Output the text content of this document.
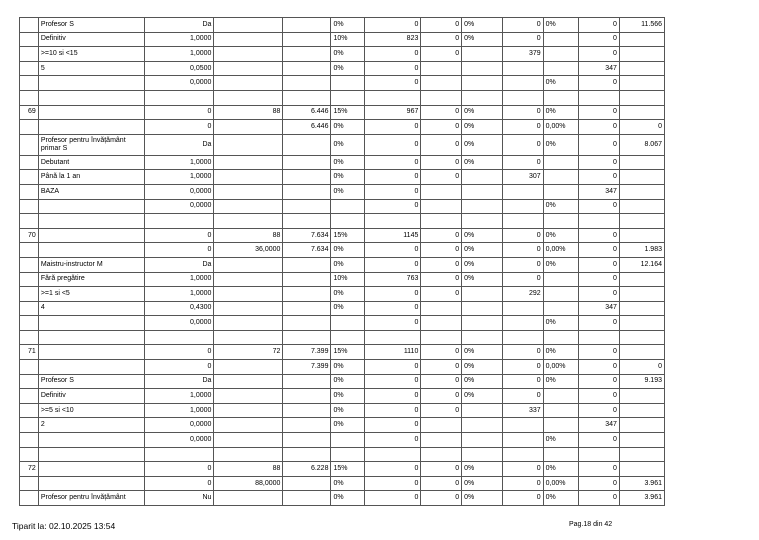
	Profesor S	Da			0%	0	0	0%	0	0%	0	11.566
	Definitiv	1,0000			10%	823	0	0%	0		0	
	>=10 si <15	1,0000			0%	0	0		379		0	
	5	0,0500			0%	0					347	
		0,0000				0				0%	0	

69		0	88	6.446	15%	967	0	0%	0	0%	0	
		0		6.446	0%	0	0	0%	0	0,00%	0	0
	Profesor pentru învățământ primar S	Da			0%	0	0	0%	0	0%	0	8.067
	Debutant	1,0000			0%	0	0	0%	0		0	
	Până la 1 an	1,0000			0%	0	0		307		0	
	BAZA	0,0000			0%	0					347	
		0,0000				0				0%	0	

70		0	88	7.634	15%	1145	0	0%	0	0%	0	
		0	36,0000	7.634	0%	0	0	0%	0	0,00%	0	1.983
	Maistru-instructor M	Da			0%	0	0	0%	0	0%	0	12.164
	Fără pregătire	1,0000			10%	763	0	0%	0		0	
	>=1 si <5	1,0000			0%	0	0		292		0	
	4	0,4300			0%	0					347	
		0,0000				0				0%	0	

71		0	72	7.399	15%	1110	0	0%	0	0%	0	
		0		7.399	0%	0	0	0%	0	0,00%	0	0
	Profesor S	Da			0%	0	0	0%	0	0%	0	9.193
	Definitiv	1,0000			0%	0	0	0%	0		0	
	>=5 si <10	1,0000			0%	0	0		337		0	
	2	0,0000			0%	0					347	
		0,0000				0				0%	0	

72		0	88	6.228	15%	0	0	0%	0	0%	0	
		0	88,0000		0%	0	0	0%	0	0,00%	0	3.961
	Profesor pentru învățământ	Nu			0%	0	0	0%	0	0%	0	3.961
Tiparit la: 02.10.2025 13:54	Pag.18 din 42
